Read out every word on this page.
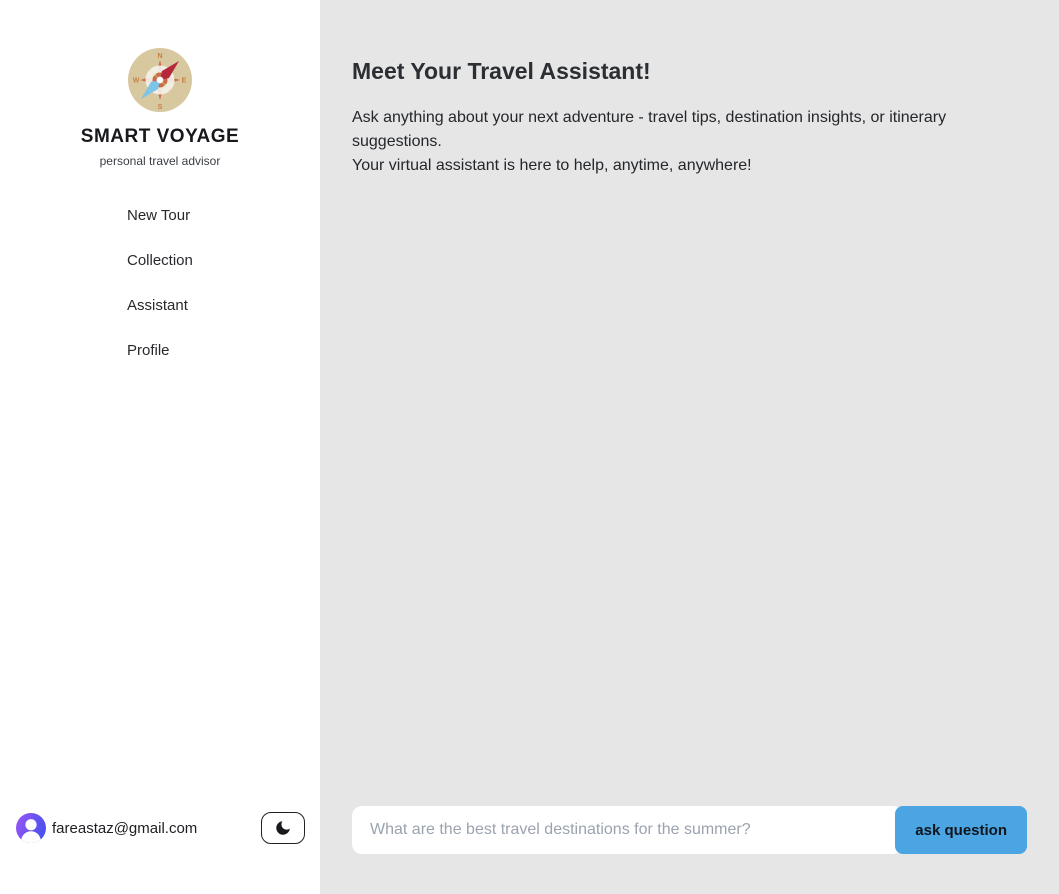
N
E
S
W
SMART VOYAGE
personal travel advisor
New Tour
Collection
Assistant
Profile
fareastaz@gmail.com
Meet Your Travel Assistant!

Ask anything about your next adventure - travel tips, destination insights, or itinerary suggestions.
Your virtual assistant is here to help, anytime, anywhere!

What are the best travel destinations for the summer?
ask question
